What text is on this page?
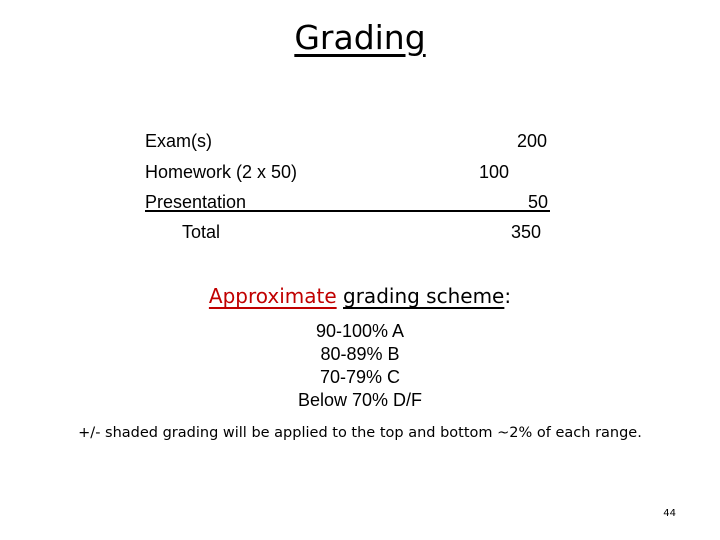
Grading
Exam(s)	200
Homework (2 x 50)	100
Presentation	50
Total	350
Approximate grading scheme:
90-100% A
80-89% B
70-79% C
Below 70% D/F
+/- shaded grading will be applied to the top and bottom ~2% of each range.
44
